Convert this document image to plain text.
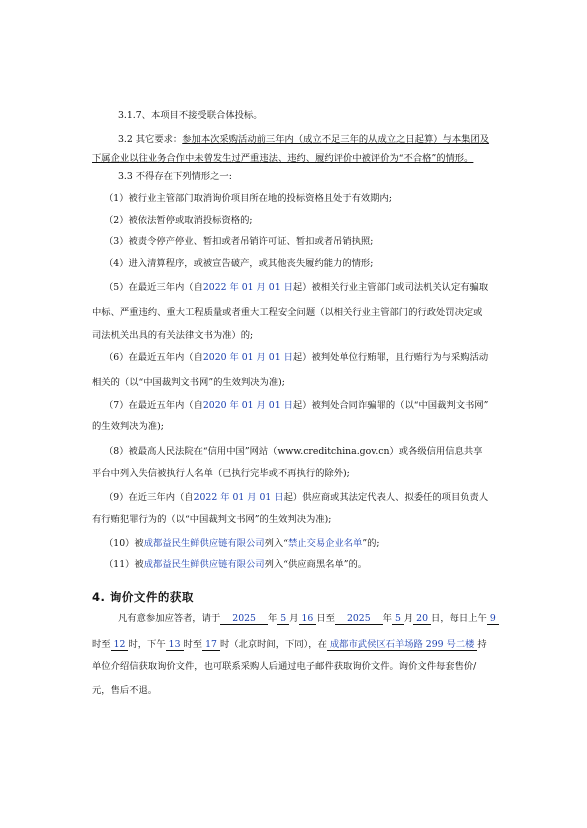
3.1.7、本项目不接受联合体投标。
3.2 其它要求：参加本次采购活动前三年内（成立不足三年的从成立之日起算）与本集团及
下属企业以往业务合作中未曾发生过严重违法、违约、履约评价中被评价为“不合格”的情形。
3.3 不得存在下列情形之一:
（1）被行业主管部门取消询价项目所在地的投标资格且处于有效期内;
（2）被依法暂停或取消投标资格的;
（3）被责令停产停业、暂扣或者吊销许可证、暂扣或者吊销执照;
（4）进入清算程序，或被宣告破产，或其他丧失履约能力的情形;
（5）在最近三年内（自2022 年 01 月 01 日起）被相关行业主管部门或司法机关认定有骗取
中标、严重违约、重大工程质量或者重大工程安全问题（以相关行业主管部门的行政处罚决定或
司法机关出具的有关法律文书为准）的;
（6）在最近五年内（自2020 年 01 月 01 日起）被判处单位行贿罪，且行贿行为与采购活动
相关的（以“中国裁判文书网”的生效判决为准);
（7）在最近五年内（自2020 年 01 月 01 日起）被判处合同诈骗罪的（以“中国裁判文书网”
的生效判决为准);
（8）被最高人民法院在“信用中国”网站（www.creditchina.gov.cn）或各级信用信息共享
平台中列入失信被执行人名单（已执行完毕或不再执行的除外);
（9）在近三年内（自2022 年 01 月 01 日起）供应商或其法定代表人、拟委任的项目负责人
有行贿犯罪行为的（以“中国裁判文书网”的生效判决为准);
（10）被成都益民生鲜供应链有限公司列入“禁止交易企业名单”的;
（11）被成都益民生鲜供应链有限公司列入“供应商黑名单”的。
4. 询价文件的获取
凡有意参加应答者，请于 2025 年 5 月 16 日至 2025 年 5 月 20 日，每日上午 9
时至 12 时，下午 13 时至 17 时（北京时间，下同），在 成都市武侯区石羊场路 299 号二楼 持
单位介绍信获取询价文件，也可联系采购人后通过电子邮件获取询价文件。询价文件每套售价/
元，售后不退。
